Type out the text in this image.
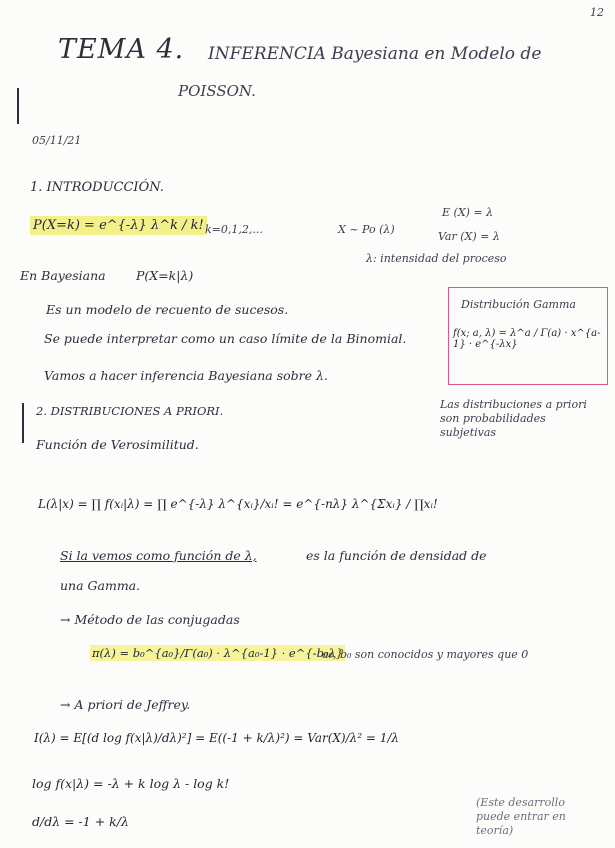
12
TEMA 4. INFERENCIA Bayesiana en Modelo de
POISSON.
05/11/21
1. INTRODUCCIÓN.
P(X=k) = e^{-λ} λ^k / k! k=0,1,2,...	X ~ Po (λ)
E (X) = λ
Var (X) = λ
λ: intensidad del proceso
En Bayesiana P(X=k|λ)
Es un modelo de recuento de sucesos.
Se puede interpretar como un caso límite de la Binomial.
Vamos a hacer inferencia Bayesiana sobre λ.
Distribución Gamma
f(x; a, λ) = λ^a / Γ(a) · x^{a-1} · e^{-λx}
2. DISTRIBUCIONES A PRIORI.	Las distribuciones a priori son probabilidades subjetivas
Función de Verosimilitud.
L(λ|x) = ∏ f(xᵢ|λ) = ∏ e^{-λ} λ^{xᵢ}/xᵢ! = e^{-nλ} λ^{Σxᵢ} / ∏xᵢ!
Si la vemos como función de λ,	es la función de densidad de
una Gamma.
→ Método de las conjugadas
π(λ) = b₀^{a₀}/Γ(a₀) · λ^{a₀-1} · e^{-b₀λ}
a₀, b₀ son conocidos y mayores que 0
→ A priori de Jeffrey.
I(λ) = E[(d log f(x|λ)/dλ)²] = E((-1 + k/λ)²) = Var(X)/λ² = 1/λ
log f(x|λ) = -λ + k log λ - log k!
d/dλ = -1 + k/λ
(Este desarrollo puede entrar en teoría)
